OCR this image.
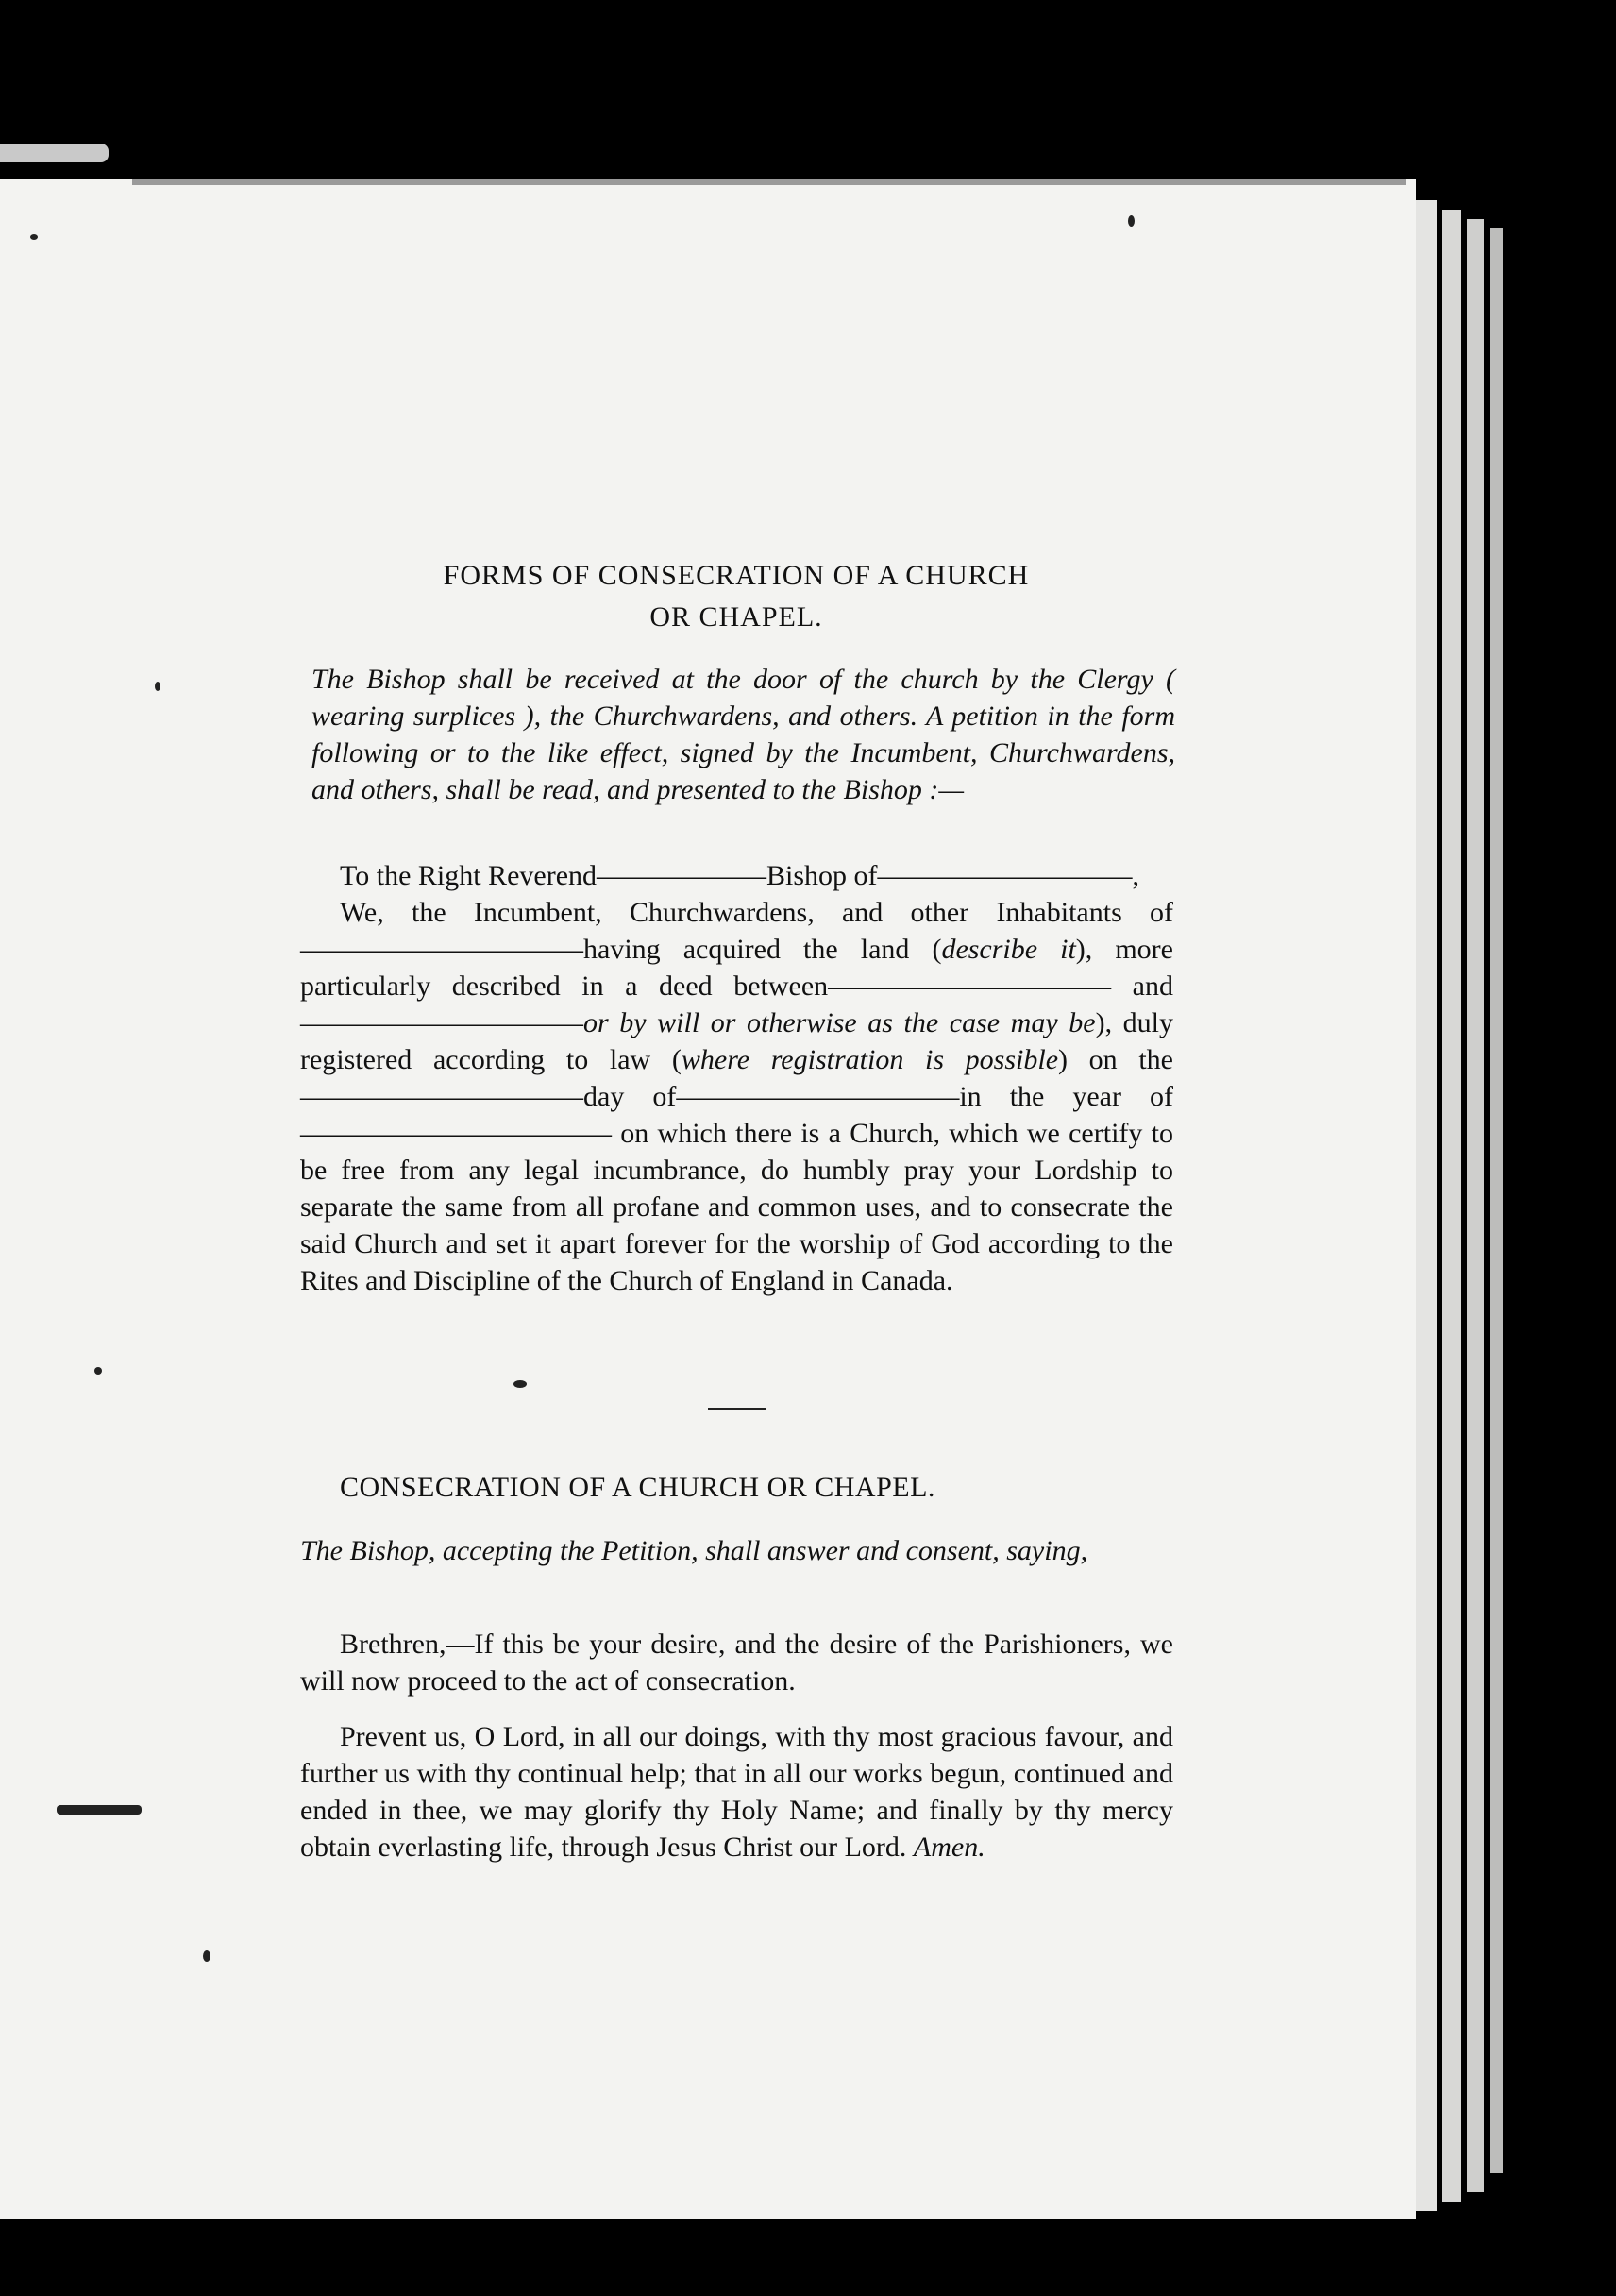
FORMS OF CONSECRATION OF A CHURCH
OR CHAPEL.
The Bishop shall be received at the door of the church by the Clergy ( wearing surplices ), the Churchwardens, and others. A petition in the form following or to the like effect, signed by the Incumbent, Churchwardens, and others, shall be read, and presented to the Bishop :—

To the Right Reverend——————Bishop of—————————,

We, the Incumbent, Churchwardens, and other Inhabitants of——————————having acquired the land (describe it), more particularly described in a deed between—————————— and ——————————or by will or otherwise as the case may be), duly registered according to law (where registration is possible) on the ——————————day of——————————in the year of——————————— on which there is a Church, which we certify to be free from any legal incumbrance, do humbly pray your Lordship to separate the same from all profane and common uses, and to consecrate the said Church and set it apart forever for the worship of God according to the Rites and Discipline of the Church of England in Canada.

CONSECRATION OF A CHURCH OR CHAPEL.
The Bishop, accepting the Petition, shall answer and consent, saying,

Brethren,—If this be your desire, and the desire of the Parishioners, we will now proceed to the act of consecration.

Prevent us, O Lord, in all our doings, with thy most gracious favour, and further us with thy continual help; that in all our works begun, continued and ended in thee, we may glorify thy Holy Name; and finally by thy mercy obtain everlasting life, through Jesus Christ our Lord. Amen.
